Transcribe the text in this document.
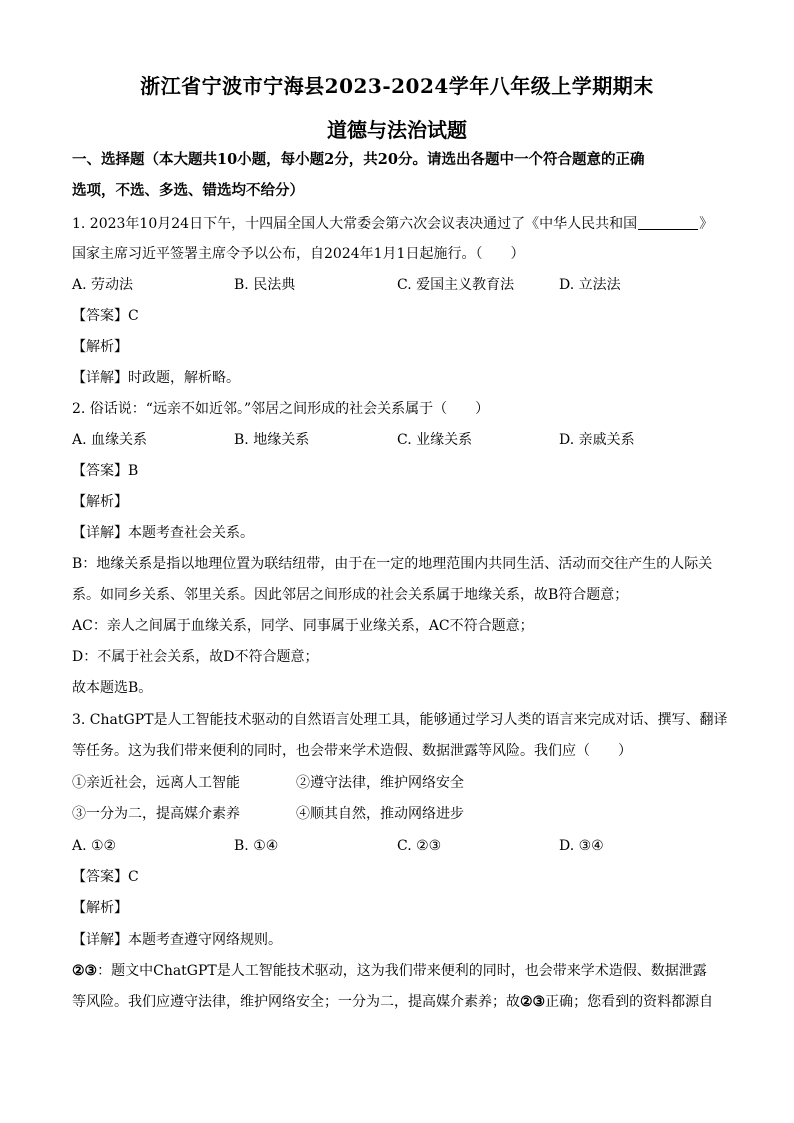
浙江省宁波市宁海县2023-2024学年八年级上学期期末
道德与法治试题
一、选择题（本大题共10小题，每小题2分，共20分。请选出各题中一个符合题意的正确
选项，不选、多选、错选均不给分）
1. 2023年10月24日下午，十四届全国人大常委会第六次会议表决通过了《中华人民共和国	》
国家主席习近平签署主席令予以公布，自2024年1月1日起施行。（　　）
A. 劳动法	B. 民法典	C. 爱国主义教育法	D. 立法法
【答案】C
【解析】
【详解】时政题，解析略。
2. 俗话说：“远亲不如近邻。”邻居之间形成的社会关系属于（　　）
A. 血缘关系	B. 地缘关系	C. 业缘关系	D. 亲戚关系
【答案】B
【解析】
【详解】本题考查社会关系。
B：地缘关系是指以地理位置为联结纽带，由于在一定的地理范围内共同生活、活动而交往产生的人际关
系。如同乡关系、邻里关系。因此邻居之间形成的社会关系属于地缘关系，故B符合题意；
AC：亲人之间属于血缘关系，同学、同事属于业缘关系，AC不符合题意；
D：不属于社会关系，故D不符合题意；
故本题选B。
3. ChatGPT是人工智能技术驱动的自然语言处理工具，能够通过学习人类的语言来完成对话、撰写、翻译
等任务。这为我们带来便利的同时，也会带来学术造假、数据泄露等风险。我们应（　　）
①亲近社会，远离人工智能	②遵守法律，维护网络安全
③一分为二，提高媒介素养	④顺其自然，推动网络进步
A. ①②	B. ①④	C. ②③	D. ③④
【答案】C
【解析】
【详解】本题考查遵守网络规则。
②③：题文中ChatGPT是人工智能技术驱动，这为我们带来便利的同时，也会带来学术造假、数据泄露
等风险。我们应遵守法律，维护网络安全；一分为二，提高媒介素养；故②③正确；您看到的资料都源自
